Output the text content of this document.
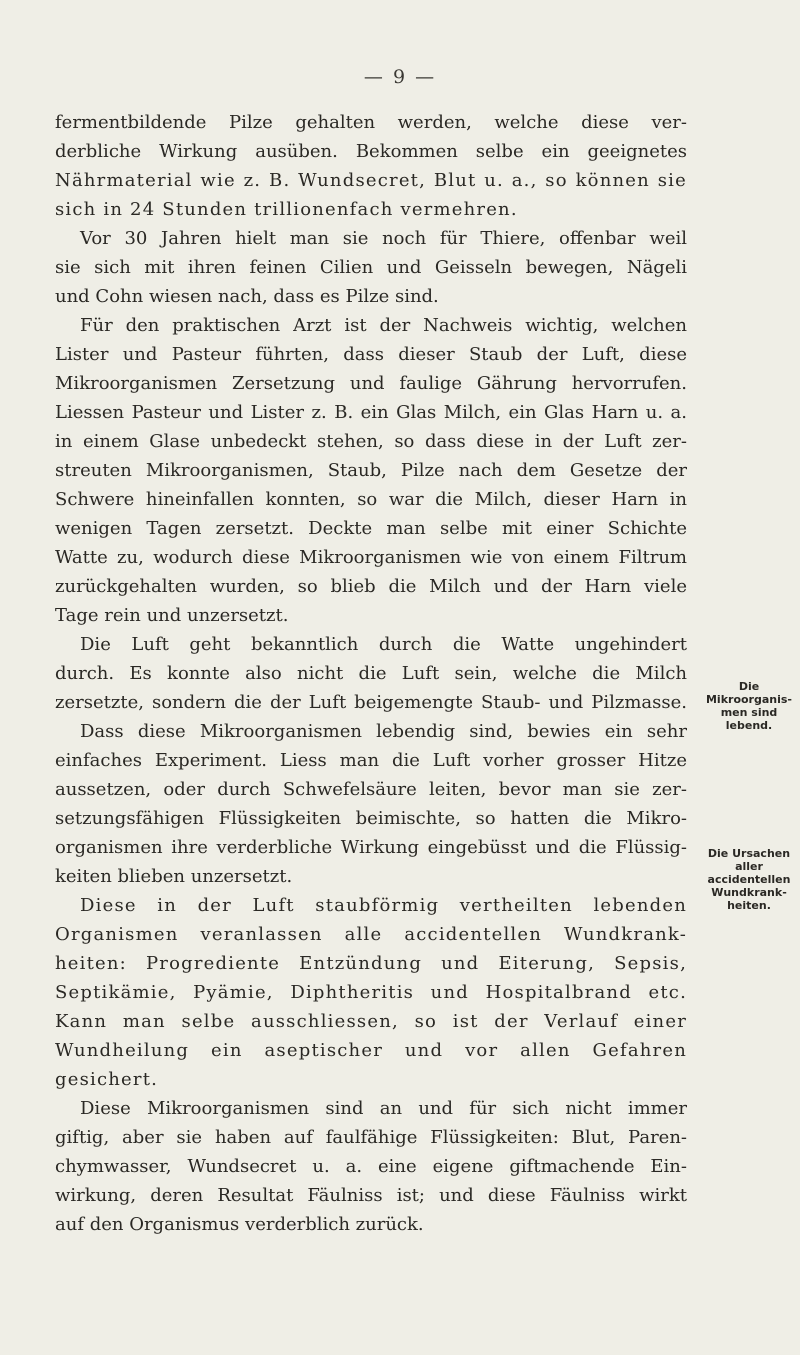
— 9 —
fermentbildende Pilze gehalten werden, welche diese ver-
derbliche Wirkung ausüben. Bekommen selbe ein geeignetes
Nährmaterial wie z. B. Wundsecret, Blut u. a., so können sie
sich in 24 Stunden trillionenfach vermehren.
Vor 30 Jahren hielt man sie noch für Thiere, offenbar weil
sie sich mit ihren feinen Cilien und Geisseln bewegen, Nägeli
und Cohn wiesen nach, dass es Pilze sind.
Für den praktischen Arzt ist der Nachweis wichtig, welchen
Lister und Pasteur führten, dass dieser Staub der Luft, diese
Mikroorganismen Zersetzung und faulige Gährung hervorrufen.
Liessen Pasteur und Lister z. B. ein Glas Milch, ein Glas Harn u. a.
in einem Glase unbedeckt stehen, so dass diese in der Luft zer-
streuten Mikroorganismen, Staub, Pilze nach dem Gesetze der
Schwere hineinfallen konnten, so war die Milch, dieser Harn in
wenigen Tagen zersetzt. Deckte man selbe mit einer Schichte
Watte zu, wodurch diese Mikroorganismen wie von einem Filtrum
zurückgehalten wurden, so blieb die Milch und der Harn viele
Tage rein und unzersetzt.
Die Luft geht bekanntlich durch die Watte ungehindert
durch. Es konnte also nicht die Luft sein, welche die Milch
zersetzte, sondern die der Luft beigemengte Staub- und Pilzmasse.
Dass diese Mikroorganismen lebendig sind, bewies ein sehr
einfaches Experiment. Liess man die Luft vorher grosser Hitze
aussetzen, oder durch Schwefelsäure leiten, bevor man sie zer-
setzungsfähigen Flüssigkeiten beimischte, so hatten die Mikro-
organismen ihre verderbliche Wirkung eingebüsst und die Flüssig-
keiten blieben unzersetzt.
Diese in der Luft staubförmig vertheilten lebenden
Organismen veranlassen alle accidentellen Wundkrank-
heiten: Progrediente Entzündung und Eiterung, Sepsis,
Septikämie, Pyämie, Diphtheritis und Hospitalbrand etc.
Kann man selbe ausschliessen, so ist der Verlauf einer
Wundheilung ein aseptischer und vor allen Gefahren
gesichert.
Diese Mikroorganismen sind an und für sich nicht immer
giftig, aber sie haben auf faulfähige Flüssigkeiten: Blut, Paren-
chymwasser, Wundsecret u. a. eine eigene giftmachende Ein-
wirkung, deren Resultat Fäulniss ist; und diese Fäulniss wirkt
auf den Organismus verderblich zurück.
Die Mikroorganis-
men sind lebend.
Die Ursachen aller
accidentellen
Wundkrank-
heiten.
